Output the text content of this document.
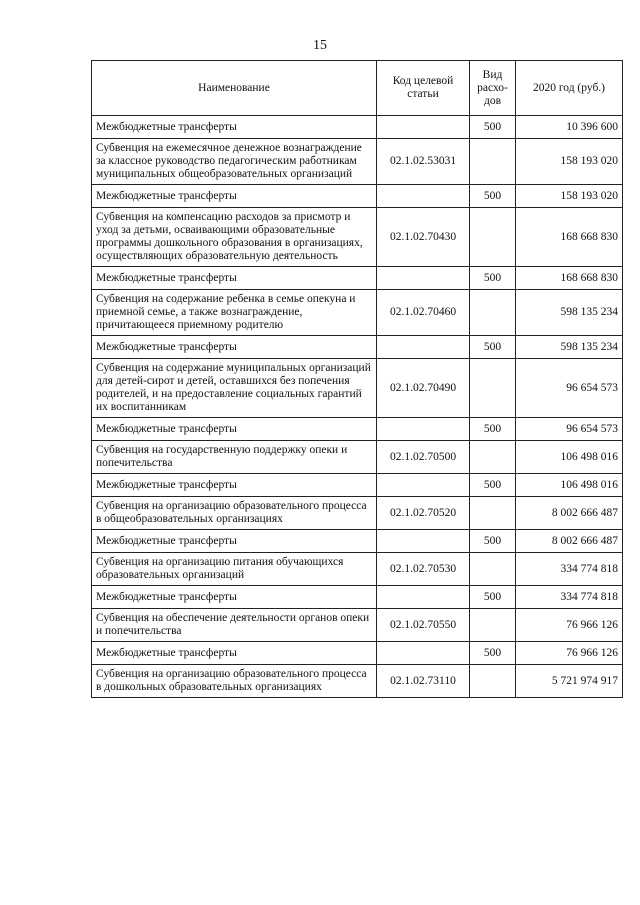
15
Наименование	Код целевой статьи	Вид расхо-дов	2020 год (руб.)
Межбюджетные трансферты		500	10 396 600
Субвенция на ежемесячное денежное вознаграждение за классное руководство педагогическим работникам муниципальных общеобразовательных организаций	02.1.02.53031		158 193 020
Межбюджетные трансферты		500	158 193 020
Субвенция на компенсацию расходов за присмотр и уход за детьми, осваивающими образовательные программы дошкольного образования в организациях, осуществляющих образовательную деятельность	02.1.02.70430		168 668 830
Межбюджетные трансферты		500	168 668 830
Субвенция на содержание ребенка в семье опекуна и приемной семье, а также вознаграждение, причитающееся приемному родителю	02.1.02.70460		598 135 234
Межбюджетные трансферты		500	598 135 234
Субвенция на содержание муниципальных организаций для детей-сирот и детей, оставшихся без попечения родителей, и на предоставление социальных гарантий их воспитанникам	02.1.02.70490		96 654 573
Межбюджетные трансферты		500	96 654 573
Субвенция на государственную поддержку опеки и попечительства	02.1.02.70500		106 498 016
Межбюджетные трансферты		500	106 498 016
Субвенция на организацию образовательного процесса в общеобразовательных организациях	02.1.02.70520		8 002 666 487
Межбюджетные трансферты		500	8 002 666 487
Субвенция на организацию питания обучающихся образовательных организаций	02.1.02.70530		334 774 818
Межбюджетные трансферты		500	334 774 818
Субвенция на обеспечение деятельности органов опеки и попечительства	02.1.02.70550		76 966 126
Межбюджетные трансферты		500	76 966 126
Субвенция на организацию образовательного процесса в дошкольных образовательных организациях	02.1.02.73110		5 721 974 917
